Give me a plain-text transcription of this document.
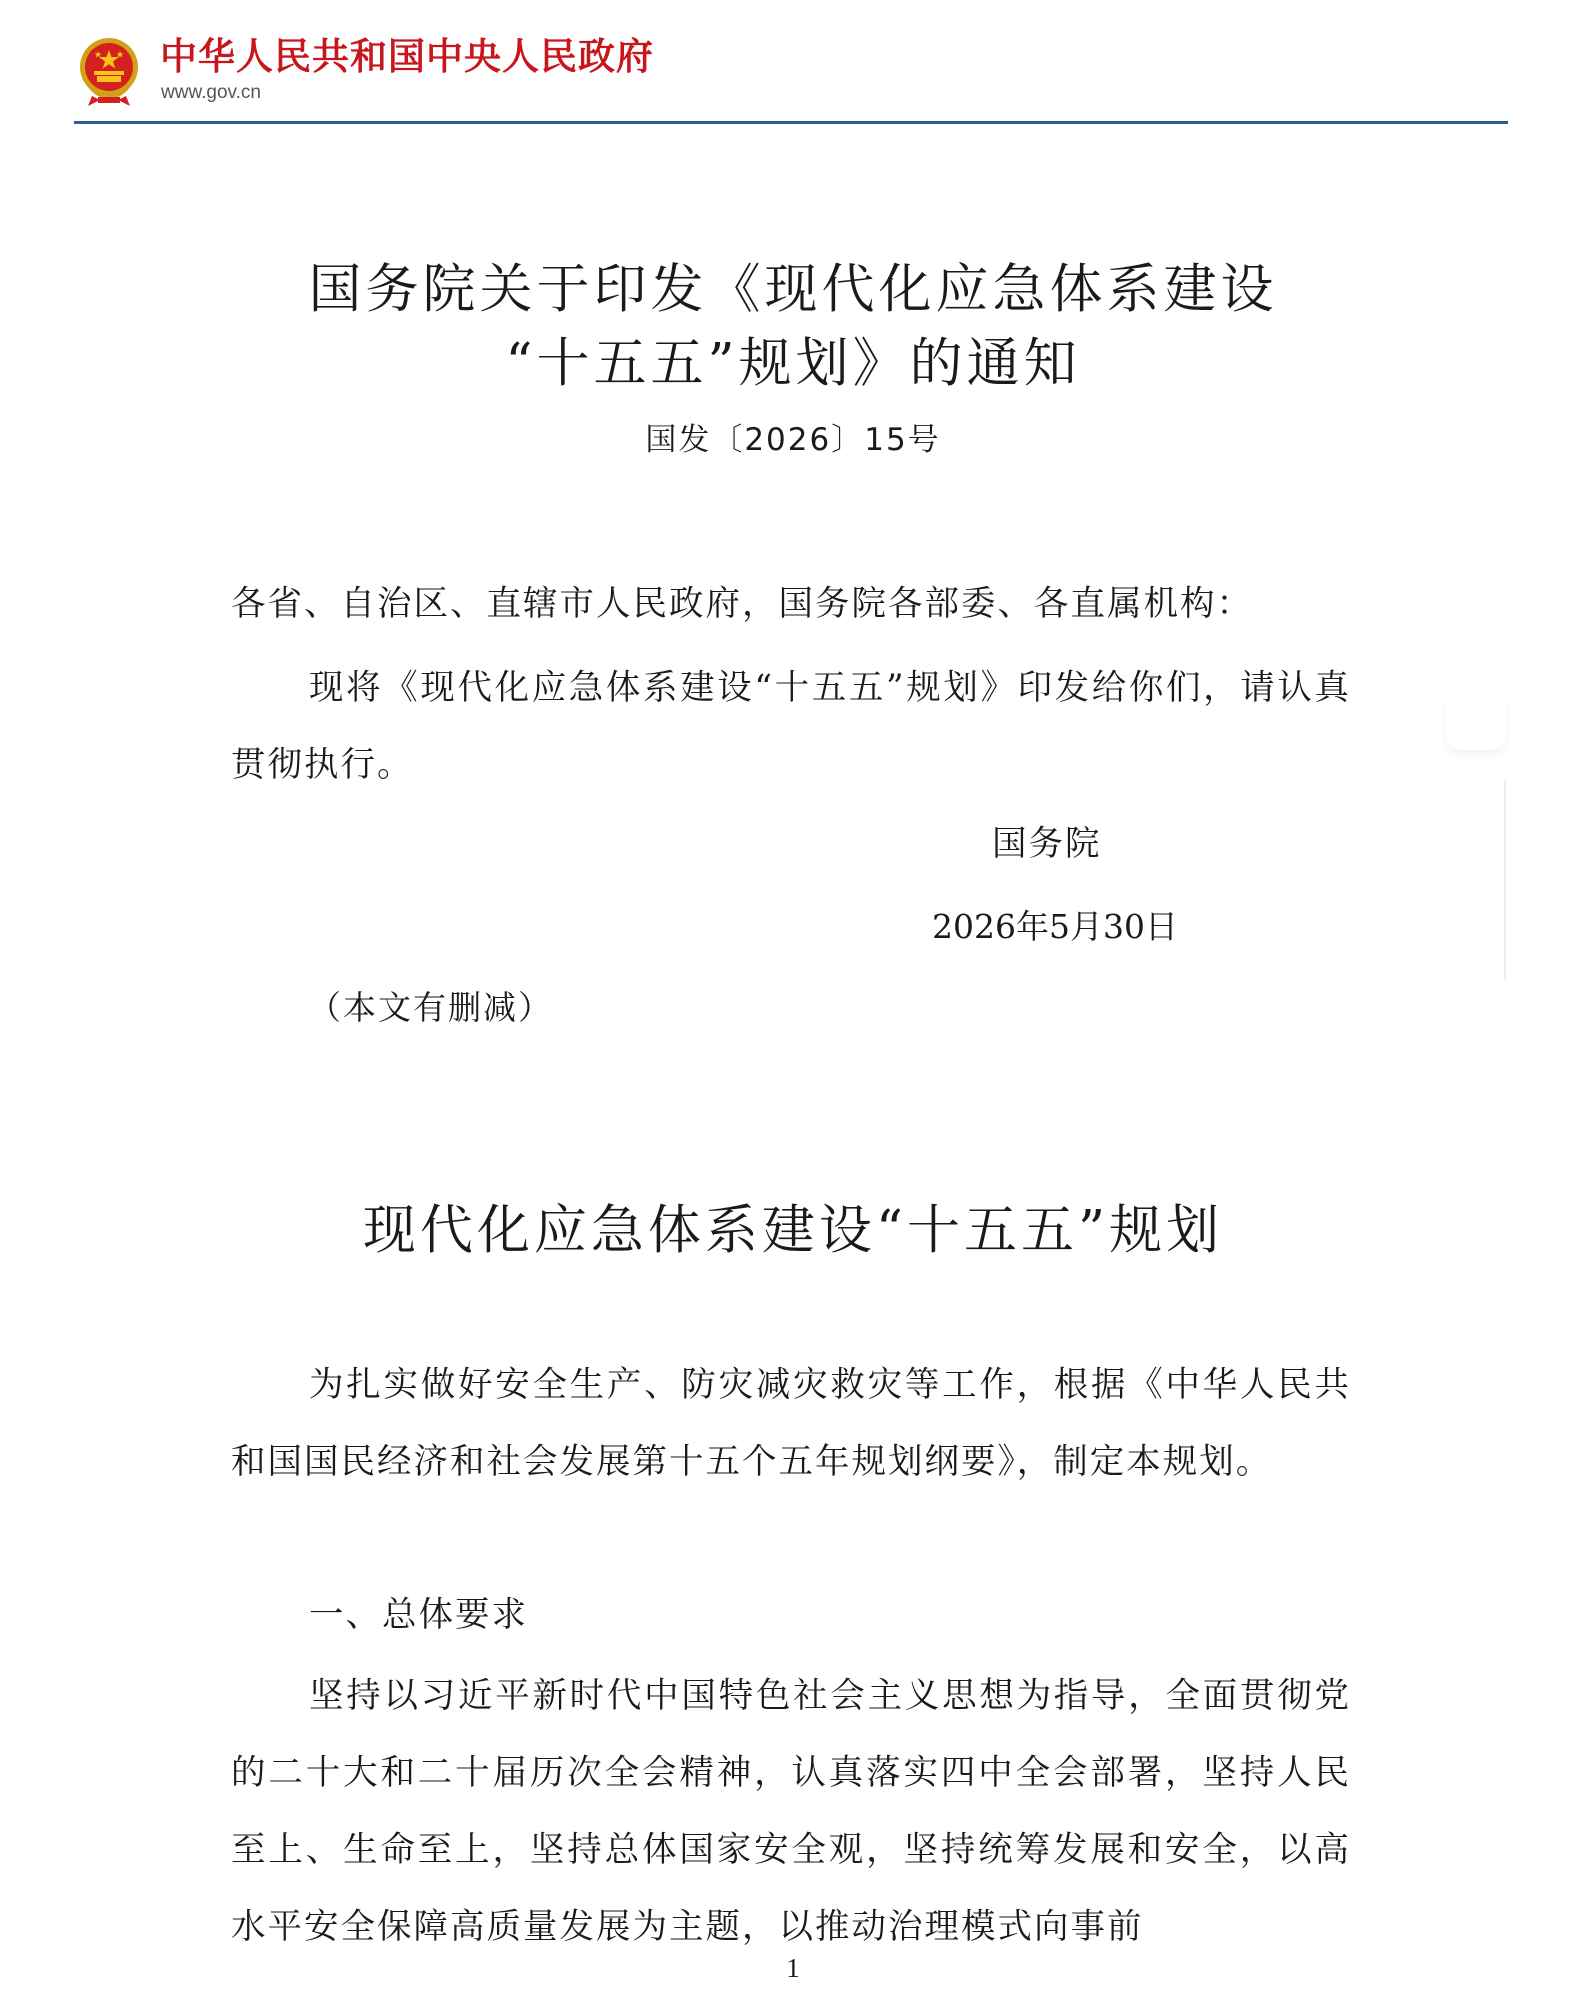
中华人民共和国中央人民政府
www.gov.cn
国务院关于印发《现代化应急体系建设
“十五五”规划》的通知
国发〔2026〕15号

各省、自治区、直辖市人民政府，国务院各部委、各直属机构：

现将《现代化应急体系建设“十五五”规划》印发给你们，请认真贯彻执行。

国务院
2026年5月30日
（本文有删减）
现代化应急体系建设“十五五”规划

为扎实做好安全生产、防灾减灾救灾等工作，根据《中华人民共和国国民经济和社会发展第十五个五年规划纲要》，制定本规划。

一、总体要求

坚持以习近平新时代中国特色社会主义思想为指导，全面贯彻党的二十大和二十届历次全会精神，认真落实四中全会部署，坚持人民至上、生命至上，坚持总体国家安全观，坚持统筹发展和安全，以高水平安全保障高质量发展为主题，以推动治理模式向事前

1
